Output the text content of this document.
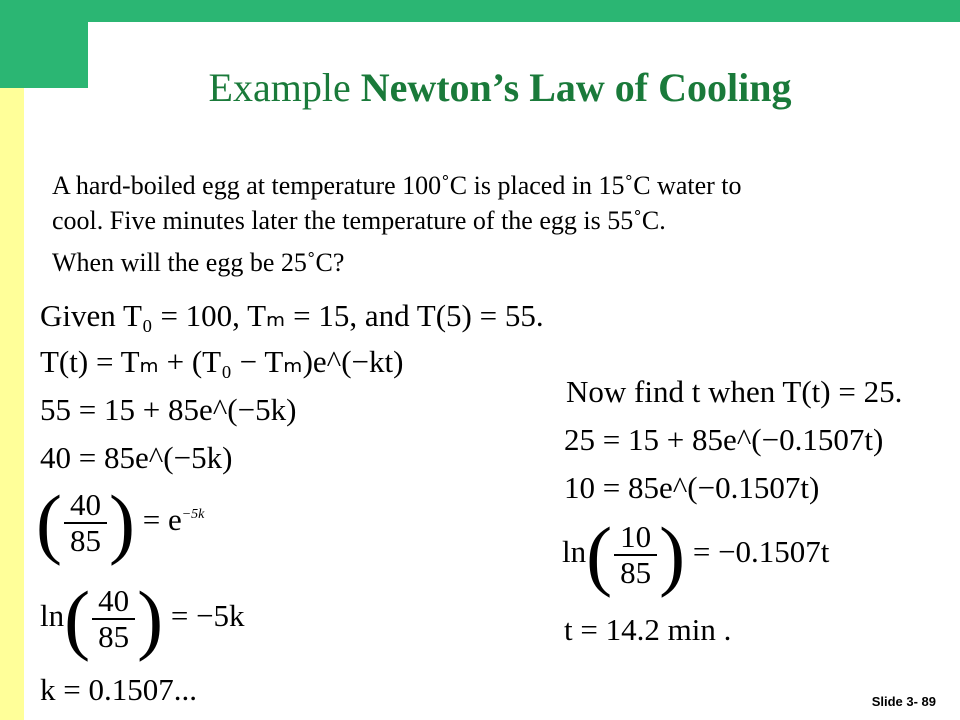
Example Newton’s Law of Cooling

A hard-boiled egg at temperature 100˚C is placed in 15˚C water to

cool. Five minutes later the temperature of the egg is 55˚C.

When will the egg be 25˚C?
Given T₀ = 100, Tₘ = 15, and T(5) = 55.
T(t) = Tₘ + (T₀ − Tₘ)e^(−kt)
55 = 15 + 85e^(−5k)
40 = 85e^(−5k)
( $\frac{40}{85}$ ) = $e^{-5k}$
$\ln( \frac{40}{85}$ ) = −5k
k = 0.1507...
Now find t when T(t) = 25.
25 = 15 + 85e^(−0.1507t)
10 = 85e^(−0.1507t)
$\ln( \frac{10}{85}$ ) = −0.1507t
t = 14.2 min .
Slide 3- 89
